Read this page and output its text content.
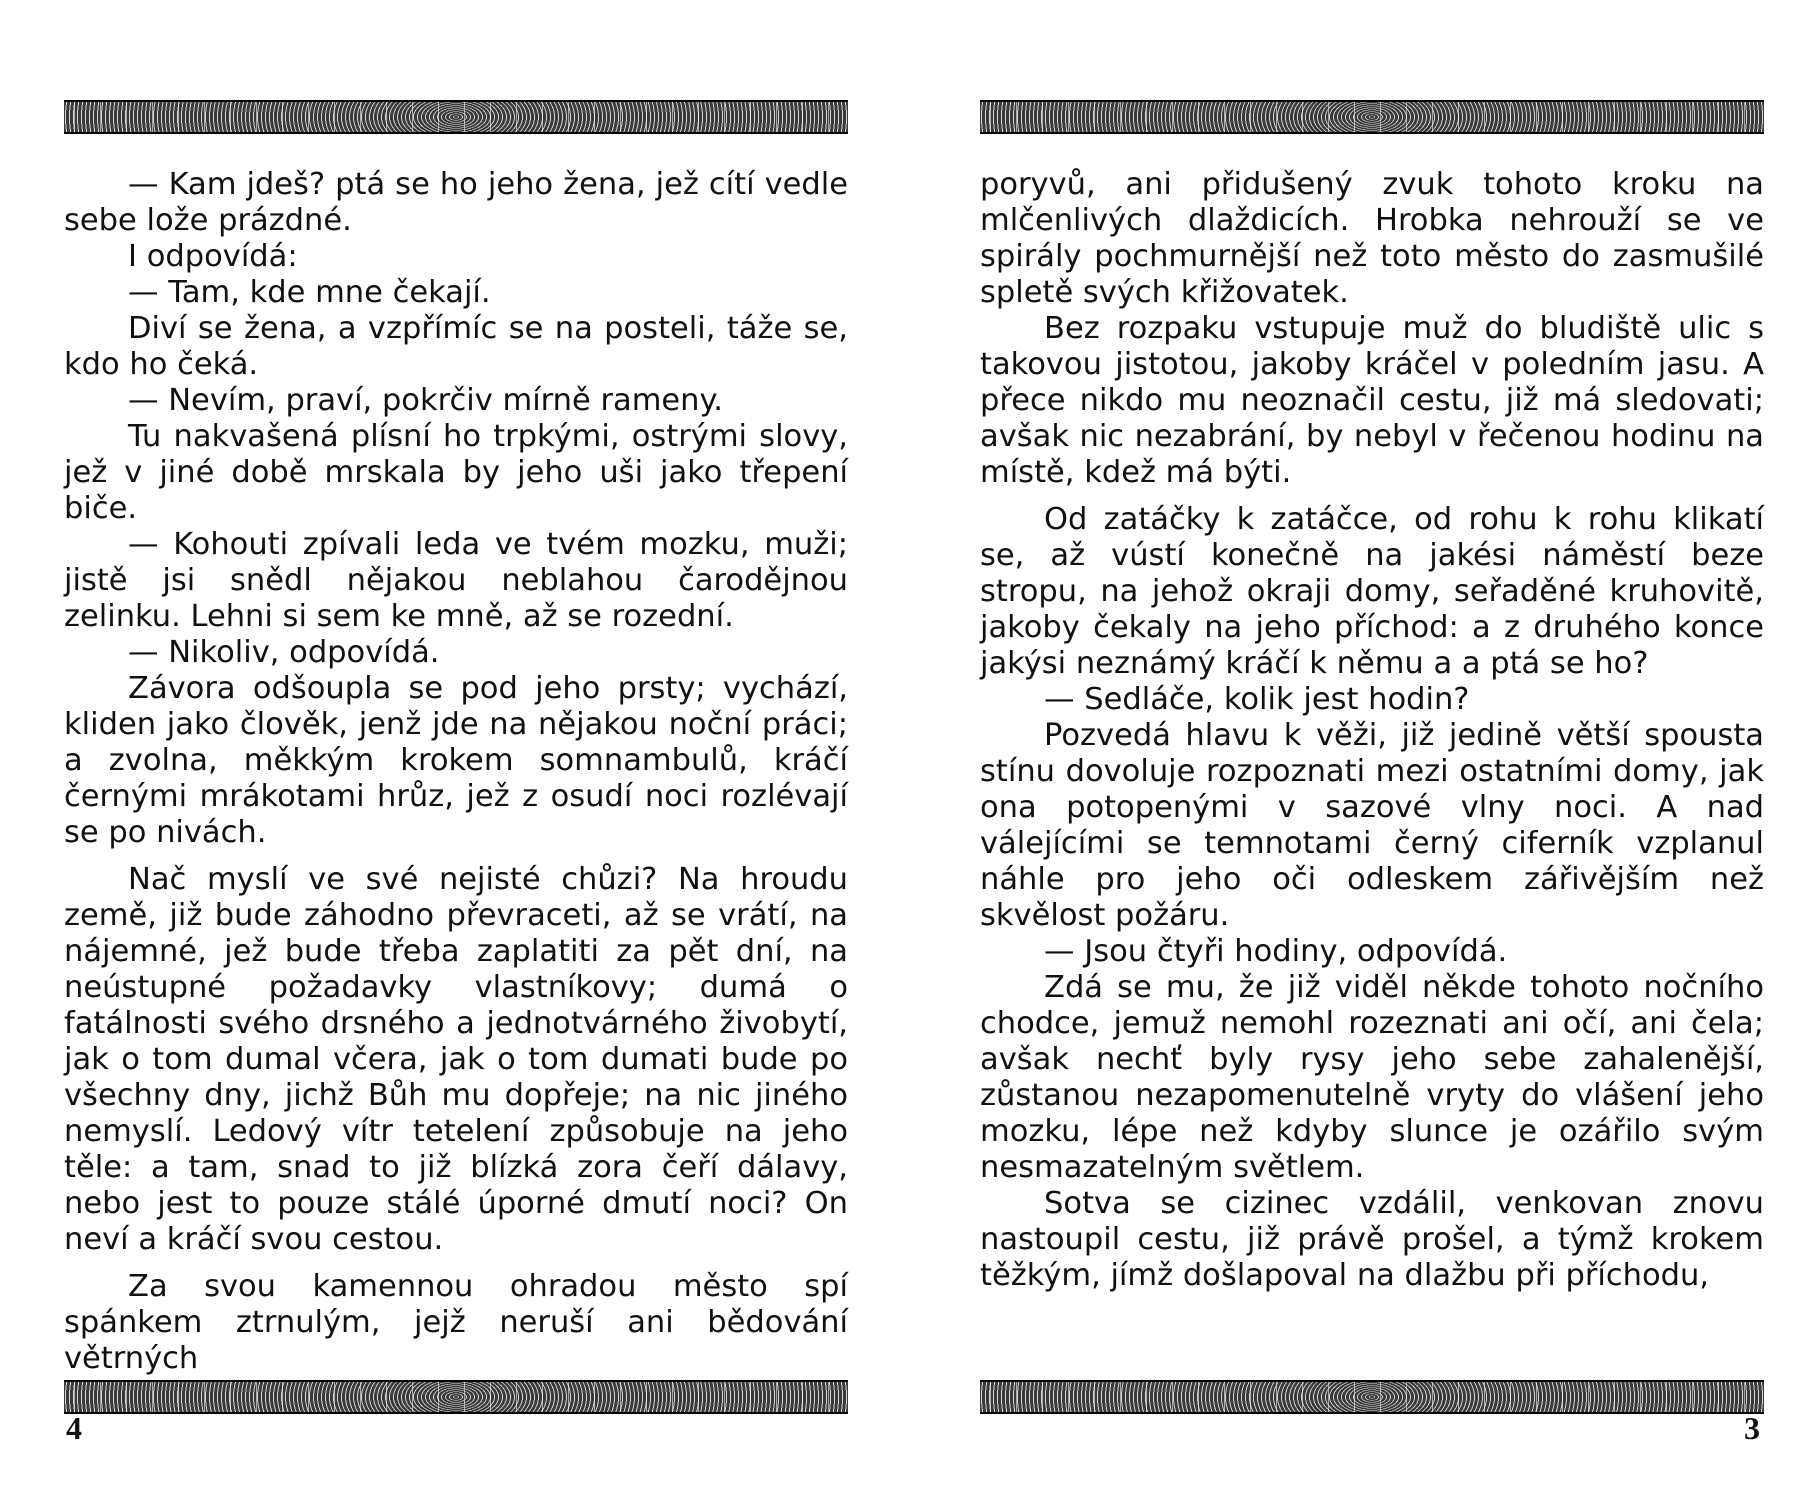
— Kam jdeš? ptá se ho jeho žena, jež cítí vedle sebe lože prázdné.

I odpovídá:

— Tam, kde mne čekají.

Diví se žena, a vzpřímíc se na posteli, táže se, kdo ho čeká.

— Nevím, praví, pokrčiv mírně rameny.

Tu nakvašená plísní ho trpkými, ostrými slovy, jež v jiné době mrskala by jeho uši jako třepení biče.

— Kohouti zpívali leda ve tvém mozku, muži; jistě jsi snědl nějakou neblahou čarodějnou zelinku. Lehni si sem ke mně, až se rozední.

— Nikoliv, odpovídá.

Závora odšoupla se pod jeho prsty; vychází, kliden jako člověk, jenž jde na nějakou noční práci; a zvolna, měkkým krokem somnambulů, kráčí černými mrákotami hrůz, jež z osudí noci rozlévají se po nivách.

Nač myslí ve své nejisté chůzi? Na hroudu země, již bude záhodno převraceti, až se vrátí, na nájemné, jež bude třeba zaplatiti za pět dní, na neústupné požadavky vlastníkovy; dumá o fatálnosti svého drsného a jednotvárného živobytí, jak o tom dumal včera, jak o tom dumati bude po všechny dny, jichž Bůh mu dopřeje; na nic jiného nemyslí. Ledový vítr tetelení způsobuje na jeho těle: a tam, snad to již blízká zora čeří dálavy, nebo jest to pouze stálé úporné dmutí noci? On neví a kráčí svou cestou.

Za svou kamennou ohradou město spí spánkem ztrnulým, jejž neruší ani bědování větrných

4

poryvů, ani přidušený zvuk tohoto kroku na mlčenlivých dlaždicích. Hrobka nehrouží se ve spirály pochmurnější než toto město do zasmušilé spletě svých křižovatek.

Bez rozpaku vstupuje muž do bludiště ulic s takovou jistotou, jakoby kráčel v poledním jasu. A přece nikdo mu neoznačil cestu, již má sledovati; avšak nic nezabrání, by nebyl v řečenou hodinu na místě, kdež má býti.

Od zatáčky k zatáčce, od rohu k rohu klikatí se, až vústí konečně na jakési náměstí beze stropu, na jehož okraji domy, seřaděné kruhovitě, jakoby čekaly na jeho příchod: a z druhého konce jakýsi neznámý kráčí k němu a a ptá se ho?

— Sedláče, kolik jest hodin?

Pozvedá hlavu k věži, již jedině větší spousta stínu dovoluje rozpoznati mezi ostatními domy, jak ona potopenými v sazové vlny noci. A nad válejícími se temnotami černý ciferník vzplanul náhle pro jeho oči odleskem zářivějším než skvělost požáru.

— Jsou čtyři hodiny, odpovídá.

Zdá se mu, že již viděl někde tohoto nočního chodce, jemuž nemohl rozeznati ani očí, ani čela; avšak nechť byly rysy jeho sebe zahalenější, zůstanou nezapomenutelně vryty do vlášení jeho mozku, lépe než kdyby slunce je ozářilo svým nesmazatelným světlem.

Sotva se cizinec vzdálil, venkovan znovu nastoupil cestu, již právě prošel, a týmž krokem těžkým, jímž došlapoval na dlažbu při příchodu,

3
